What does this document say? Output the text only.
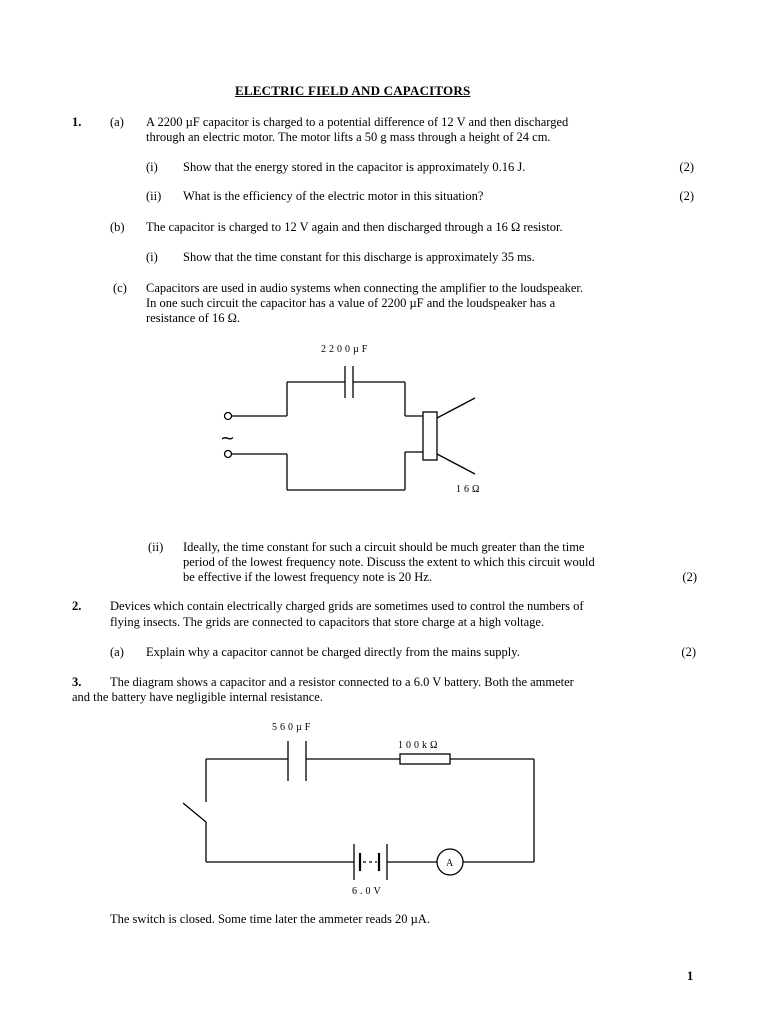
ELECTRIC FIELD AND CAPACITORS
1. (a) A 2200 µF capacitor is charged to a potential difference of 12 V and then discharged
through an electric motor. The motor lifts a 50 g mass through a height of 24 cm.
(i) Show that the energy stored in the capacitor is approximately 0.16 J.	(2)
(ii) What is the efficiency of the electric motor in this situation?	(2)
(b) The capacitor is charged to 12 V again and then discharged through a 16 Ω resistor.
(i) Show that the time constant for this discharge is approximately 35 ms.
(c) Capacitors are used in audio systems when connecting the amplifier to the loudspeaker.
In one such circuit the capacitor has a value of 2200 µF and the loudspeaker has a
resistance of 16 Ω.
2200µF
16Ω
~
560µF
100kΩ
6.0V
A
(ii) Ideally, the time constant for such a circuit should be much greater than the time
period of the lowest frequency note. Discuss the extent to which this circuit would
be effective if the lowest frequency note is 20 Hz.	(2)
2. Devices which contain electrically charged grids are sometimes used to control the numbers of
flying insects. The grids are connected to capacitors that store charge at a high voltage.
(a) Explain why a capacitor cannot be charged directly from the mains supply.	(2)
3. The diagram shows a capacitor and a resistor connected to a 6.0 V battery. Both the ammeter
and the battery have negligible internal resistance.
The switch is closed. Some time later the ammeter reads 20 µA.
1
